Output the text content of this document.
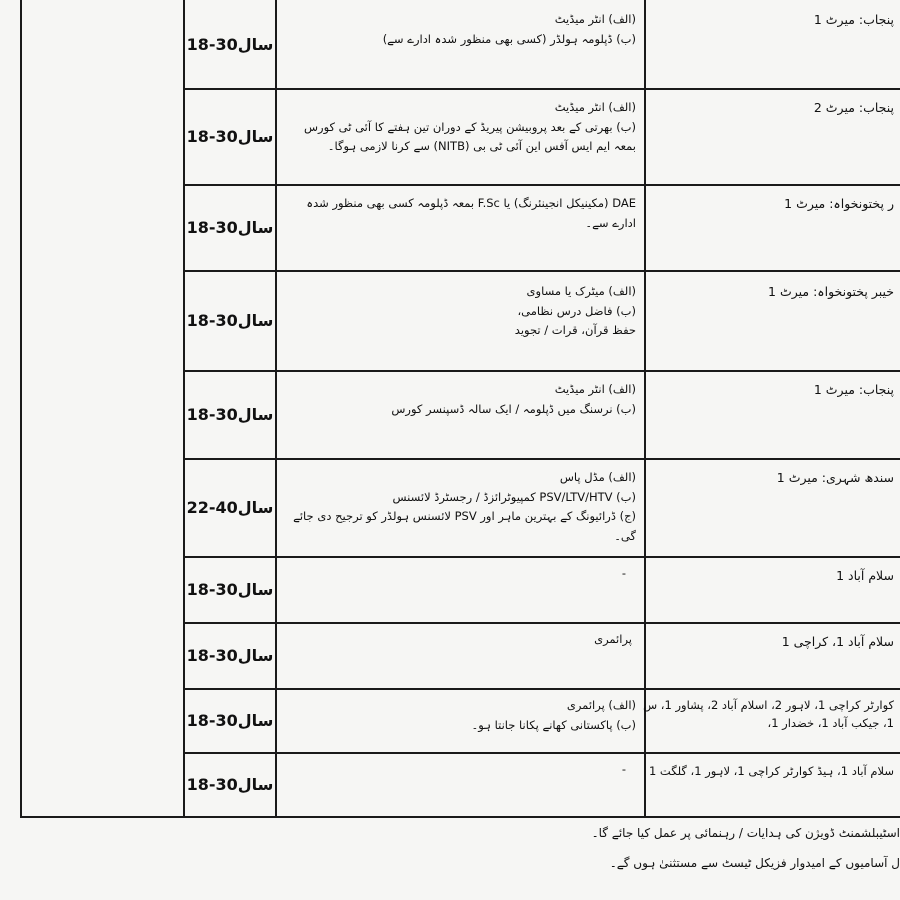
18-30سال
(الف) انٹر میڈیٹ
(ب) ڈپلومہ ہولڈر (کسی بھی منظور شدہ ادارے سے)
پنجاب: میرٹ 1
18-30سال
(الف) انٹر میڈیٹ
(ب) بھرتی کے بعد پروبیشن پیریڈ کے دوران تین ہفتے کا آئی ٹی کورس بمعہ ایم ایس آفس این آئی ٹی بی (NITB) سے کرنا لازمی ہوگا۔
پنجاب: میرٹ 2
18-30سال
DAE (مکینیکل انجینئرنگ) یا F.Sc بمعہ ڈپلومہ کسی بھی منظور شدہ ادارے سے۔
ر پختونخواہ: میرٹ 1
18-30سال
(الف) میٹرک یا مساوی
(ب) فاضل درس نظامی،
حفظ قرآن، قرات / تجوید
خیبر پختونخواہ: میرٹ 1
18-30سال
(الف) انٹر میڈیٹ
(ب) نرسنگ میں ڈپلومہ / ایک سالہ ڈسپنسر کورس
پنجاب: میرٹ 1
22-40سال
(الف) مڈل پاس
(ب) PSV/LTV/HTV کمپیوٹرائزڈ / رجسٹرڈ لائسنس
(ج) ڈرائیونگ کے بہترین ماہر اور PSV لائسنس ہولڈر کو ترجیح دی جائے گی۔
سندھ شہری: میرٹ 1
18-30سال
-	سلام آباد 1
18-30سال
پرائمری	سلام آباد 1، کراچی 1
18-30سال
(الف) پرائمری
(ب) پاکستانی کھانے پکانا جانتا ہو۔
کوارٹر کراچی 1، لاہور 2، اسلام آباد 2، پشاور 1، س
1، جیکب آباد 1، خضدار 1،
18-30سال
- سلام آباد 1، ہیڈ کوارٹر کراچی 1، لاہور 1، گلگت 1
اسٹیبلشمنٹ ڈویژن کی ہدایات / رہنمائی پر عمل کیا جائے گا۔
ل آسامیوں کے امیدوار فزیکل ٹیسٹ سے مستثنیٰ ہوں گے۔
